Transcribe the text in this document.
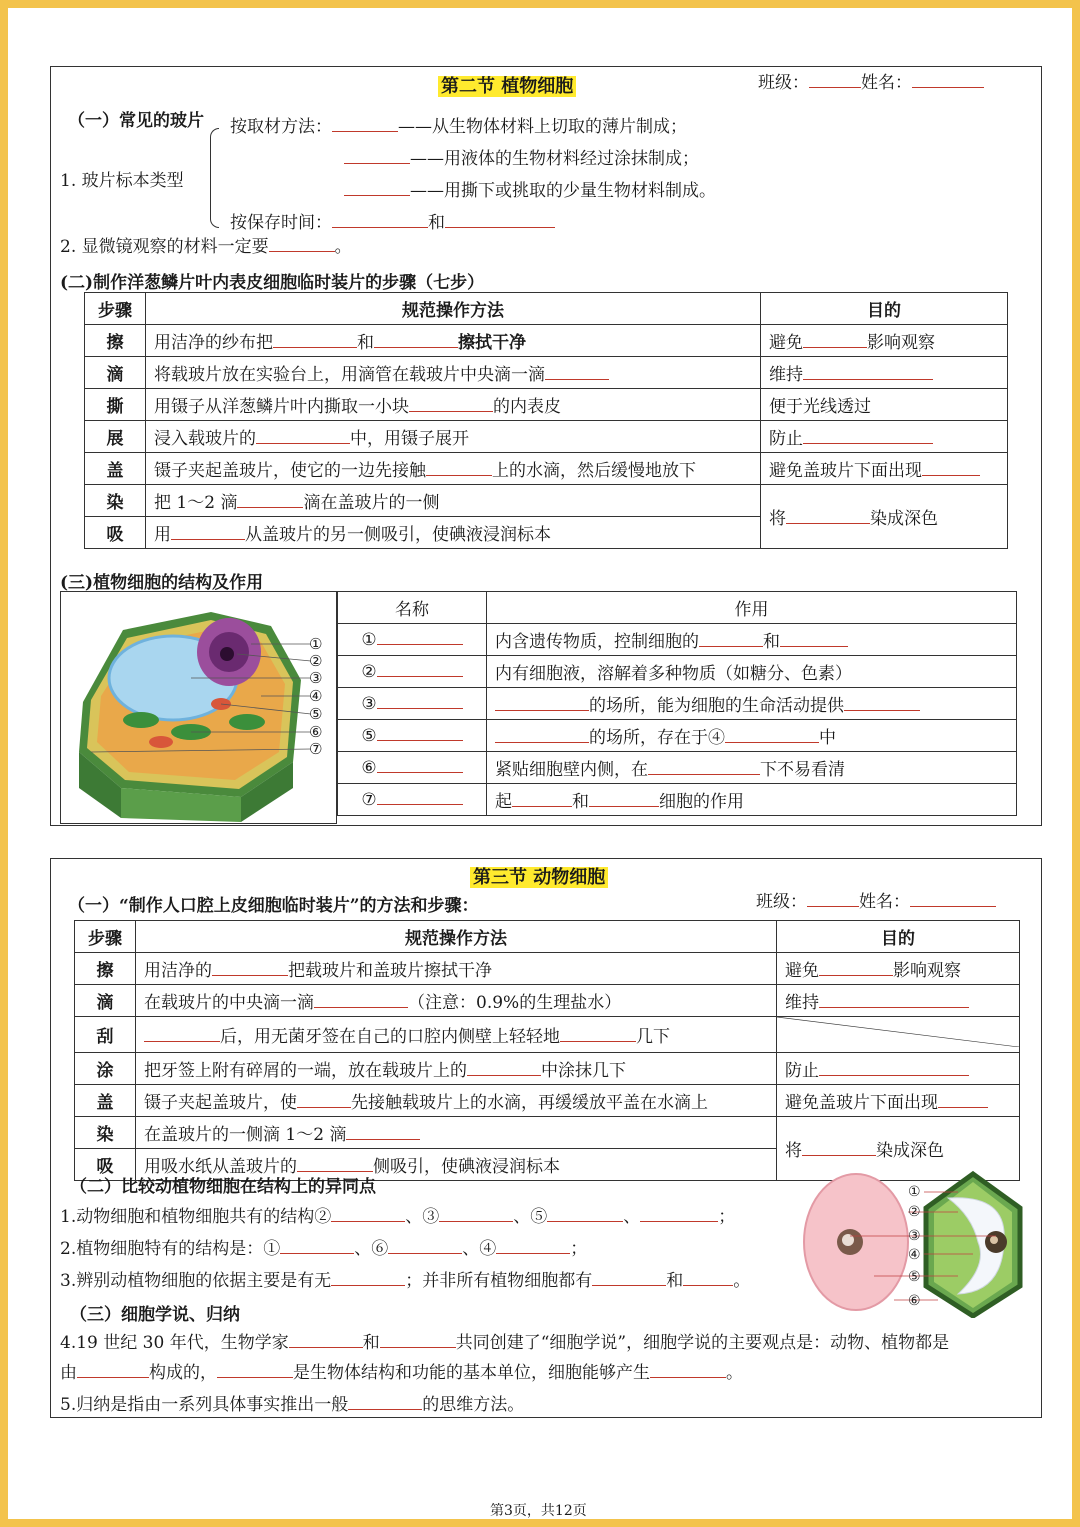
第二节 植物细胞	班级：	姓名：
（一）常见的玻片
1. 玻片标本类型
按取材方法：	——从生物体材料上切取的薄片制成；
——用液体的生物材料经过涂抹制成；
——用撕下或挑取的少量生物材料制成。
按保存时间：	和
2. 显微镜观察的材料一定要	。
(二)制作洋葱鳞片叶内表皮细胞临时装片的步骤（七步）
步骤	规范操作方法	目的
擦	用洁净的纱布把 和 擦拭干净	避免 影响观察
滴	将载玻片放在实验台上，用滴管在载玻片中央滴一滴	维持
撕	用镊子从洋葱鳞片叶内撕取一小块 的内表皮	便于光线透过
展	浸入载玻片的 中，用镊子展开	防止
盖	镊子夹起盖玻片，使它的一边先接触 上的水滴，然后缓慢地放下	避免盖玻片下面出现
染	把 1～2 滴 滴在盖玻片的一侧	将 染成深色
吸	用 从盖玻片的另一侧吸引，使碘液浸润标本	
(三)植物细胞的结构及作用
①
②
③
④
⑤
⑥
⑦
名称	作用
①	内含遗传物质，控制细胞的 和
②	内有细胞液，溶解着多种物质（如糖分、色素）
③	的场所，能为细胞的生命活动提供
⑤	的场所，存在于④ 中
⑥	紧贴细胞壁内侧，在 下不易看清
⑦	起 和 细胞的作用
第三节 动物细胞
（一）“制作人口腔上皮细胞临时装片”的方法和步骤：	班级：	姓名：
步骤	规范操作方法	目的
擦	用洁净的 把载玻片和盖玻片擦拭干净	避免 影响观察
滴	在载玻片的中央滴一滴 （注意：0.9%的生理盐水）	维持
刮	后，用无菌牙签在自己的口腔内侧壁上轻轻地 几下	
涂	把牙签上附有碎屑的一端，放在载玻片上的 中涂抹几下	防止
盖	镊子夹起盖玻片，使 先接触载玻片上的水滴，再缓缓放平盖在水滴上	避免盖玻片下面出现
染	在盖玻片的一侧滴 1～2 滴	将 染成深色
吸	用吸水纸从盖玻片的 侧吸引，使碘液浸润标本	
（二）比较动植物细胞在结构上的异同点
1.动物细胞和植物细胞共有的结构②	、③	、⑤	、	；
2.植物细胞特有的结构是：①	、⑥	、④	；
3.辨别动植物细胞的依据主要是有无	；并非所有植物细胞都有	和	。
（三）细胞学说、归纳
4.19 世纪 30 年代，生物学家	和	共同创建了“细胞学说”，细胞学说的主要观点是：动物、植物都是
由	构成的，	是生物体结构和功能的基本单位，细胞能够产生	。
5.归纳是指由一系列具体事实推出一般	的思维方法。
①
②
③
④
⑤
⑥
第3页，共12页
